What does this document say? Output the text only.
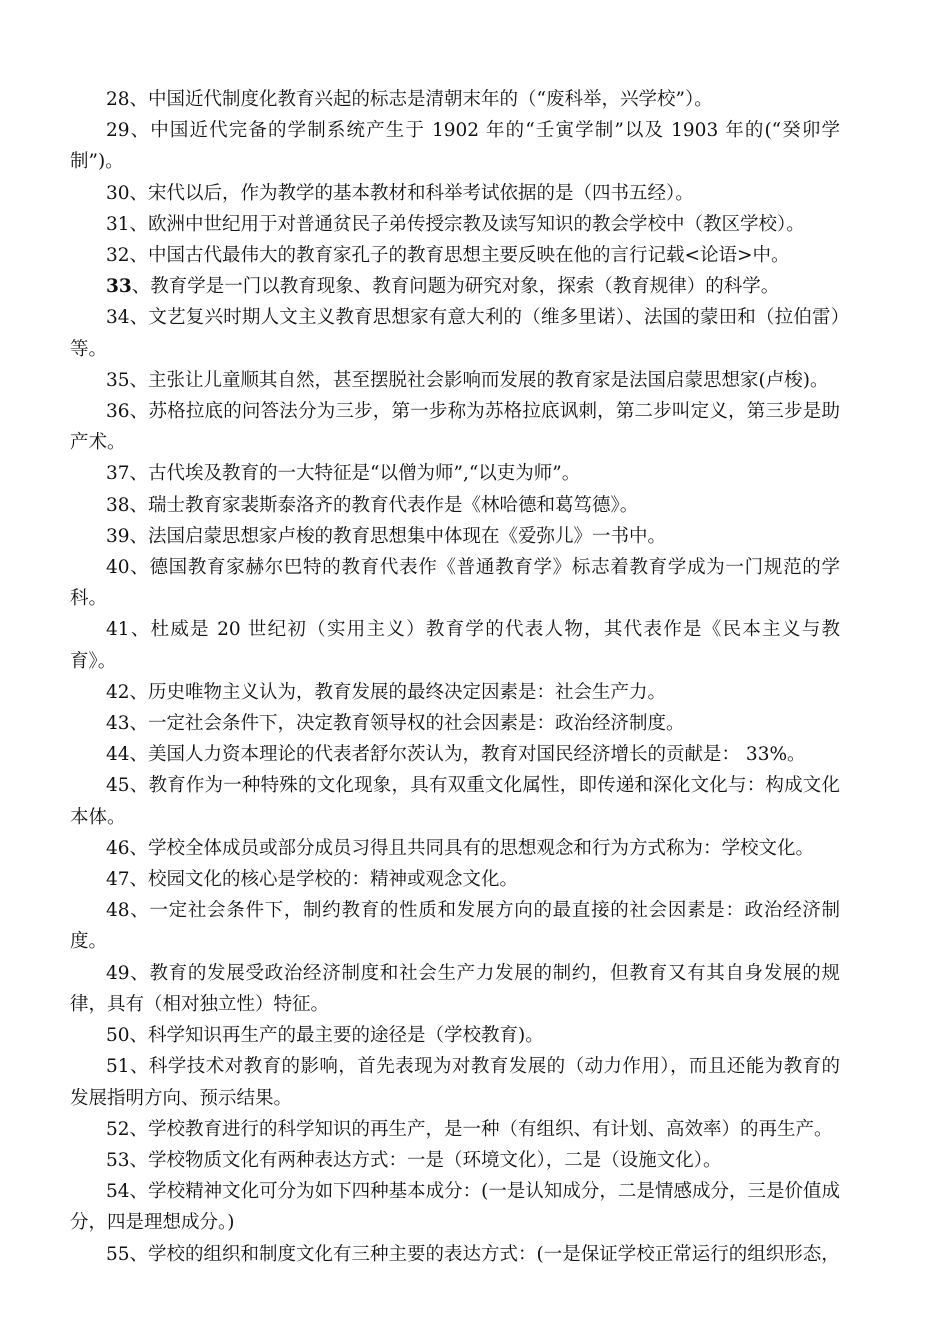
28、中国近代制度化教育兴起的标志是清朝末年的（“废科举，兴学校”）。

29、中国近代完备的学制系统产生于 1902 年的“壬寅学制”以及 1903 年的(“癸卯学制”)。

30、宋代以后，作为教学的基本教材和科举考试依据的是（四书五经）。

31、欧洲中世纪用于对普通贫民子弟传授宗教及读写知识的教会学校中（教区学校）。

32、中国古代最伟大的教育家孔子的教育思想主要反映在他的言行记载<论语>中。

33、教育学是一门以教育现象、教育问题为研究对象，探索（教育规律）的科学。

34、文艺复兴时期人文主义教育思想家有意大利的（维多里诺）、法国的蒙田和（拉伯雷）等。

35、主张让儿童顺其自然，甚至摆脱社会影响而发展的教育家是法国启蒙思想家(卢梭)。

36、苏格拉底的问答法分为三步，第一步称为苏格拉底讽刺，第二步叫定义，第三步是助产术。

37、古代埃及教育的一大特征是“以僧为师”,“以吏为师”。

38、瑞士教育家裴斯泰洛齐的教育代表作是《林哈德和葛笃德》。

39、法国启蒙思想家卢梭的教育思想集中体现在《爱弥儿》一书中。

40、德国教育家赫尔巴特的教育代表作《普通教育学》标志着教育学成为一门规范的学科。

41、杜威是 20 世纪初（实用主义）教育学的代表人物，其代表作是《民本主义与教育》。

42、历史唯物主义认为，教育发展的最终决定因素是：社会生产力。

43、一定社会条件下，决定教育领导权的社会因素是：政治经济制度。

44、美国人力资本理论的代表者舒尔茨认为，教育对国民经济增长的贡献是： 33%。

45、教育作为一种特殊的文化现象，具有双重文化属性，即传递和深化文化与：构成文化本体。

46、学校全体成员或部分成员习得且共同具有的思想观念和行为方式称为：学校文化。

47、校园文化的核心是学校的：精神或观念文化。

48、一定社会条件下，制约教育的性质和发展方向的最直接的社会因素是：政治经济制度。

49、教育的发展受政治经济制度和社会生产力发展的制约，但教育又有其自身发展的规律，具有（相对独立性）特征。

50、科学知识再生产的最主要的途径是（学校教育)。

51、科学技术对教育的影响，首先表现为对教育发展的（动力作用），而且还能为教育的发展指明方向、预示结果。

52、学校教育进行的科学知识的再生产，是一种（有组织、有计划、高效率）的再生产。

53、学校物质文化有两种表达方式：一是（环境文化），二是（设施文化）。

54、学校精神文化可分为如下四种基本成分：(一是认知成分，二是情感成分，三是价值成分，四是理想成分。)

55、学校的组织和制度文化有三种主要的表达方式：(一是保证学校正常运行的组织形态，
